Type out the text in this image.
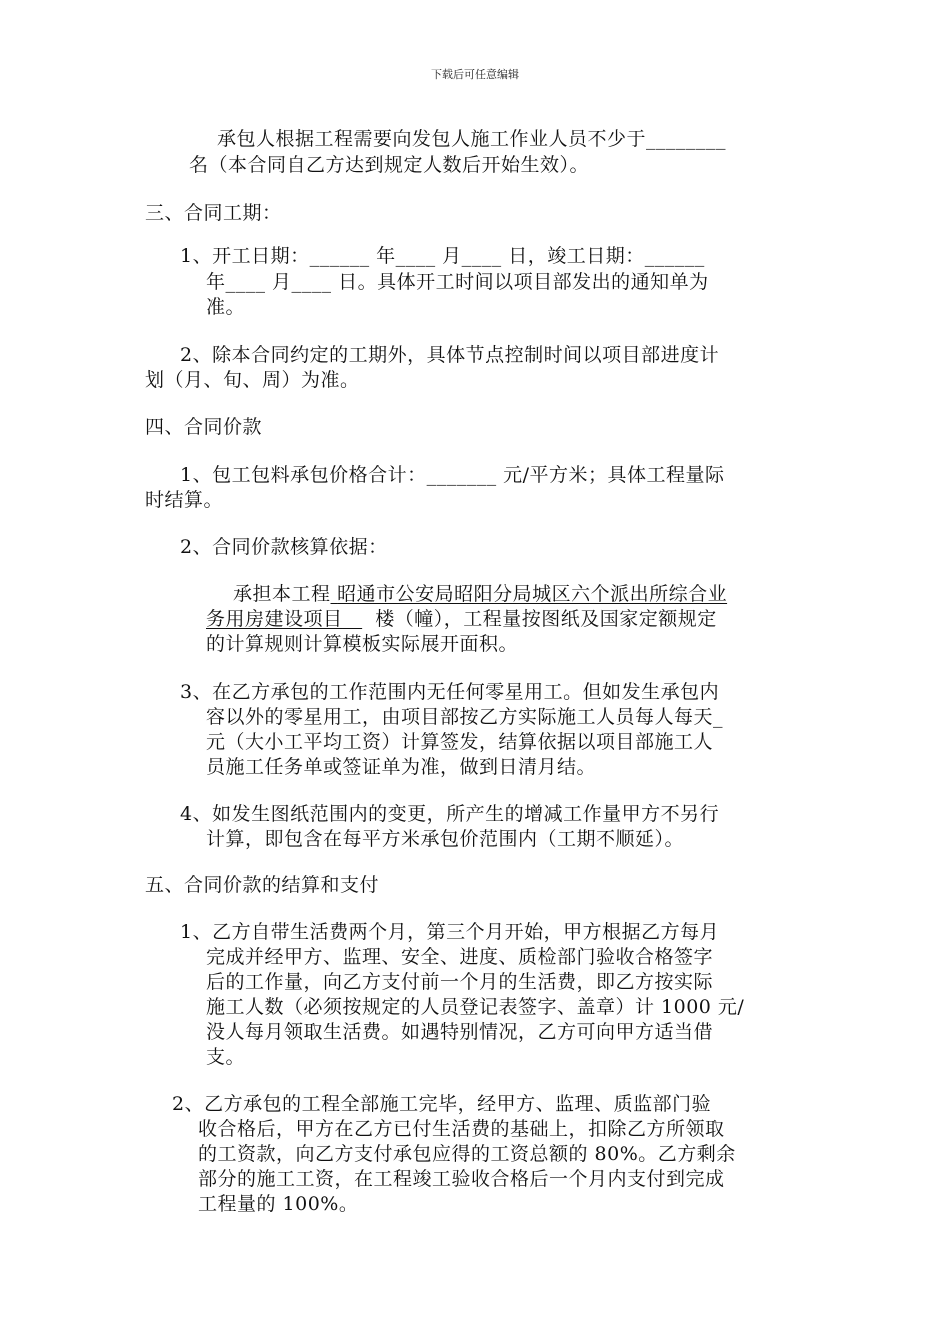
下载后可任意编辑
承包人根据工程需要向发包人施工作业人员不少于________
名（本合同自乙方达到规定人数后开始生效）。
三、合同工期：
1、开工日期：______ 年____ 月____ 日，竣工日期：______
年____ 月____ 日。具体开工时间以项目部发出的通知单为
准。
2、除本合同约定的工期外，具体节点控制时间以项目部进度计
划（月、旬、周）为准。
四、合同价款
1、包工包料承包价格合计：_______ 元/平方米；具体工程量际
时结算。
2、合同价款核算依据：
承担本工程 昭通市公安局昭阳分局城区六个派出所综合业
务用房建设项目 楼（幢），工程量按图纸及国家定额规定
的计算规则计算模板实际展开面积。
3、在乙方承包的工作范围内无任何零星用工。但如发生承包内
容以外的零星用工，由项目部按乙方实际施工人员每人每天_
元（大小工平均工资）计算签发，结算依据以项目部施工人
员施工任务单或签证单为准，做到日清月结。
4、如发生图纸范围内的变更，所产生的增减工作量甲方不另行
计算，即包含在每平方米承包价范围内（工期不顺延）。
五、合同价款的结算和支付
1、乙方自带生活费两个月，第三个月开始，甲方根据乙方每月
完成并经甲方、监理、安全、进度、质检部门验收合格签字
后的工作量，向乙方支付前一个月的生活费，即乙方按实际
施工人数（必须按规定的人员登记表签字、盖章）计 1000 元/
没人每月领取生活费。如遇特别情况，乙方可向甲方适当借
支。
2、乙方承包的工程全部施工完毕，经甲方、监理、质监部门验
收合格后，甲方在乙方已付生活费的基础上，扣除乙方所领取
的工资款，向乙方支付承包应得的工资总额的 80%。乙方剩余
部分的施工工资，在工程竣工验收合格后一个月内支付到完成
工程量的 100%。
